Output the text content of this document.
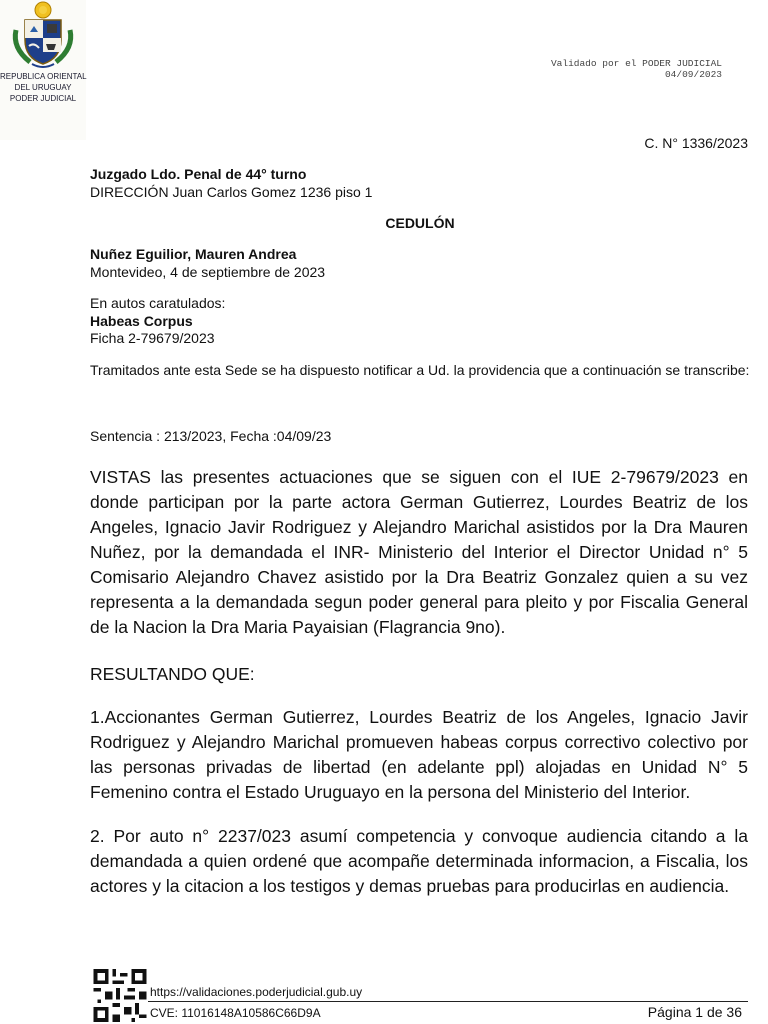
REPUBLICA ORIENTAL
DEL URUGUAY
PODER JUDICIAL
Validado por el PODER JUDICIAL
04/09/2023
C. N° 1336/2023
Juzgado Ldo. Penal de 44° turno
DIRECCIÓN Juan Carlos Gomez 1236 piso 1
CEDULÓN
Nuñez Eguilior, Mauren Andrea
Montevideo, 4 de septiembre de 2023
En autos caratulados:
Habeas Corpus
Ficha 2-79679/2023
Tramitados ante esta Sede se ha dispuesto notificar a Ud. la providencia que a continuación se transcribe:
Sentencia : 213/2023, Fecha :04/09/23
VISTAS las presentes actuaciones que se siguen con el IUE 2-79679/2023 en donde participan por la parte actora German Gutierrez, Lourdes Beatriz de los Angeles, Ignacio Javir Rodriguez y Alejandro Marichal asistidos por la Dra Mauren Nuñez, por la demandada el INR- Ministerio del Interior el Director Unidad n° 5 Comisario Alejandro Chavez asistido por la Dra Beatriz Gonzalez quien a su vez representa a la demandada segun poder general para pleito y por Fiscalia General de la Nacion la Dra Maria Payaisian (Flagrancia 9no).
RESULTANDO QUE:
1.Accionantes German Gutierrez, Lourdes Beatriz de los Angeles, Ignacio Javir Rodriguez y Alejandro Marichal promueven habeas corpus correctivo colectivo por las personas privadas de libertad (en adelante ppl) alojadas en Unidad N° 5 Femenino contra el Estado Uruguayo en la persona del Ministerio del Interior.
2. Por auto n° 2237/023 asumí competencia y convoque audiencia citando a la demandada a quien ordené que acompañe determinada informacion, a Fiscalia, los actores y la citacion a los testigos y demas pruebas para producirlas en audiencia.
https://validaciones.poderjudicial.gub.uy
CVE: 11016148A10586C66D9A	Página 1 de 36
